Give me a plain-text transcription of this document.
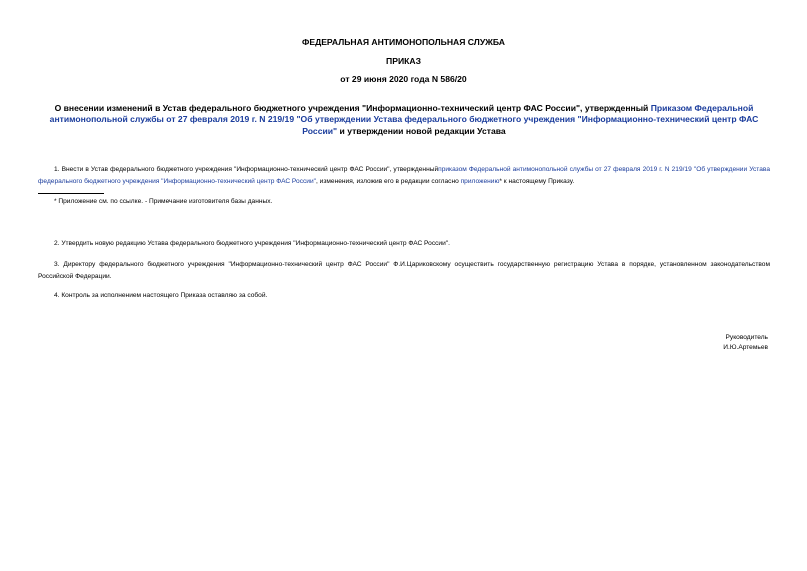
ФЕДЕРАЛЬНАЯ АНТИМОНОПОЛЬНАЯ СЛУЖБА
ПРИКАЗ
от 29 июня 2020 года N 586/20
О внесении изменений в Устав федерального бюджетного учреждения "Информационно-технический центр ФАС России", утвержденный Приказом Федеральной антимонопольной службы от 27 февраля 2019 г. N 219/19 "Об утверждении Устава федерального бюджетного учреждения "Информационно-технический центр ФАС России" и утверждении новой редакции Устава
1. Внести в Устав федерального бюджетного учреждения "Информационно-технический центр ФАС России", утвержденныйприказом Федеральной антимонопольной службы от 27 февраля 2019 г. N 219/19 "Об утверждении Устава федерального бюджетного учреждения "Информационно-технический центр ФАС России", изменения, изложив его в редакции согласно приложению* к настоящему Приказу.
* Приложение см. по ссылке. - Примечание изготовителя базы данных.
2. Утвердить новую редакцию Устава федерального бюджетного учреждения "Информационно-технический центр ФАС России".
3. Директору федерального бюджетного учреждения "Информационно-технический центр ФАС России" Ф.И.Цариковскому осуществить государственную регистрацию Устава в порядке, установленном законодательством Российской Федерации.
4. Контроль за исполнением настоящего Приказа оставляю за собой.
Руководитель
И.Ю.Артемьев
